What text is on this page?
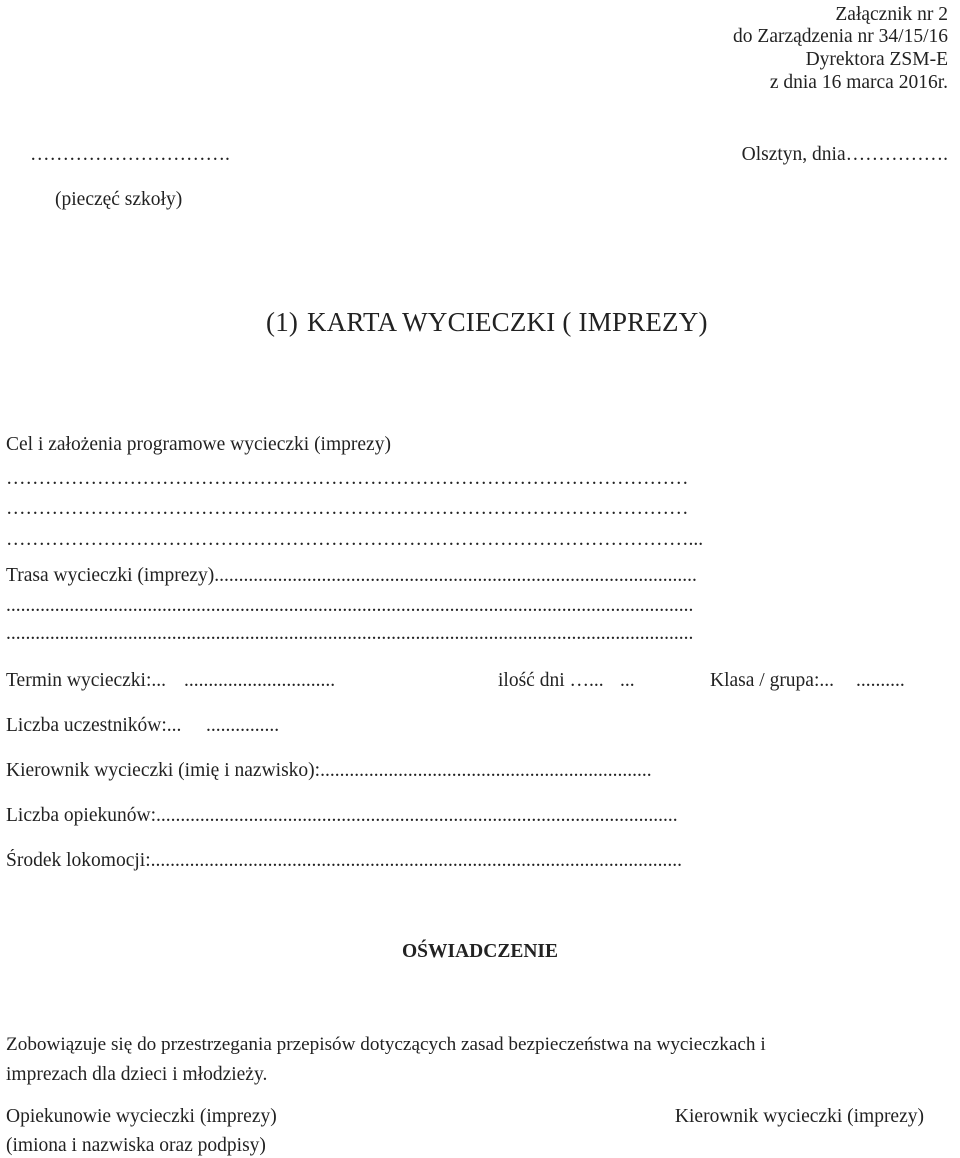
Załącznik nr 2
do Zarządzenia nr 34/15/16
Dyrektora ZSM-E
z dnia 16 marca 2016r.
………………………….
(pieczęć szkoły)
Olsztyn, dnia…………….
(1) KARTA WYCIECZKI ( IMPREZY)
Cel i założenia programowe wycieczki (imprezy)
……………………………………………………………………………………………
……………………………………………………………………………………………
……………………………………………………………………………………………...
Trasa wycieczki (imprezy)...................................................................................................
.............................................................................................................................................
.............................................................................................................................................
Termin wycieczki:... ...............................	ilość dni …... ...	Klasa / grupa:... ..........
Liczba uczestników:... ...............
Kierownik wycieczki (imię i nazwisko):....................................................................
Liczba opiekunów:...........................................................................................................
Środek lokomocji:.............................................................................................................
OŚWIADCZENIE
Zobowiązuje się do przestrzegania przepisów dotyczących zasad bezpieczeństwa na wycieczkach i
imprezach dla dzieci i młodzieży.
Opiekunowie wycieczki (imprezy)
(imiona i nazwiska oraz podpisy)
Kierownik wycieczki (imprezy)
